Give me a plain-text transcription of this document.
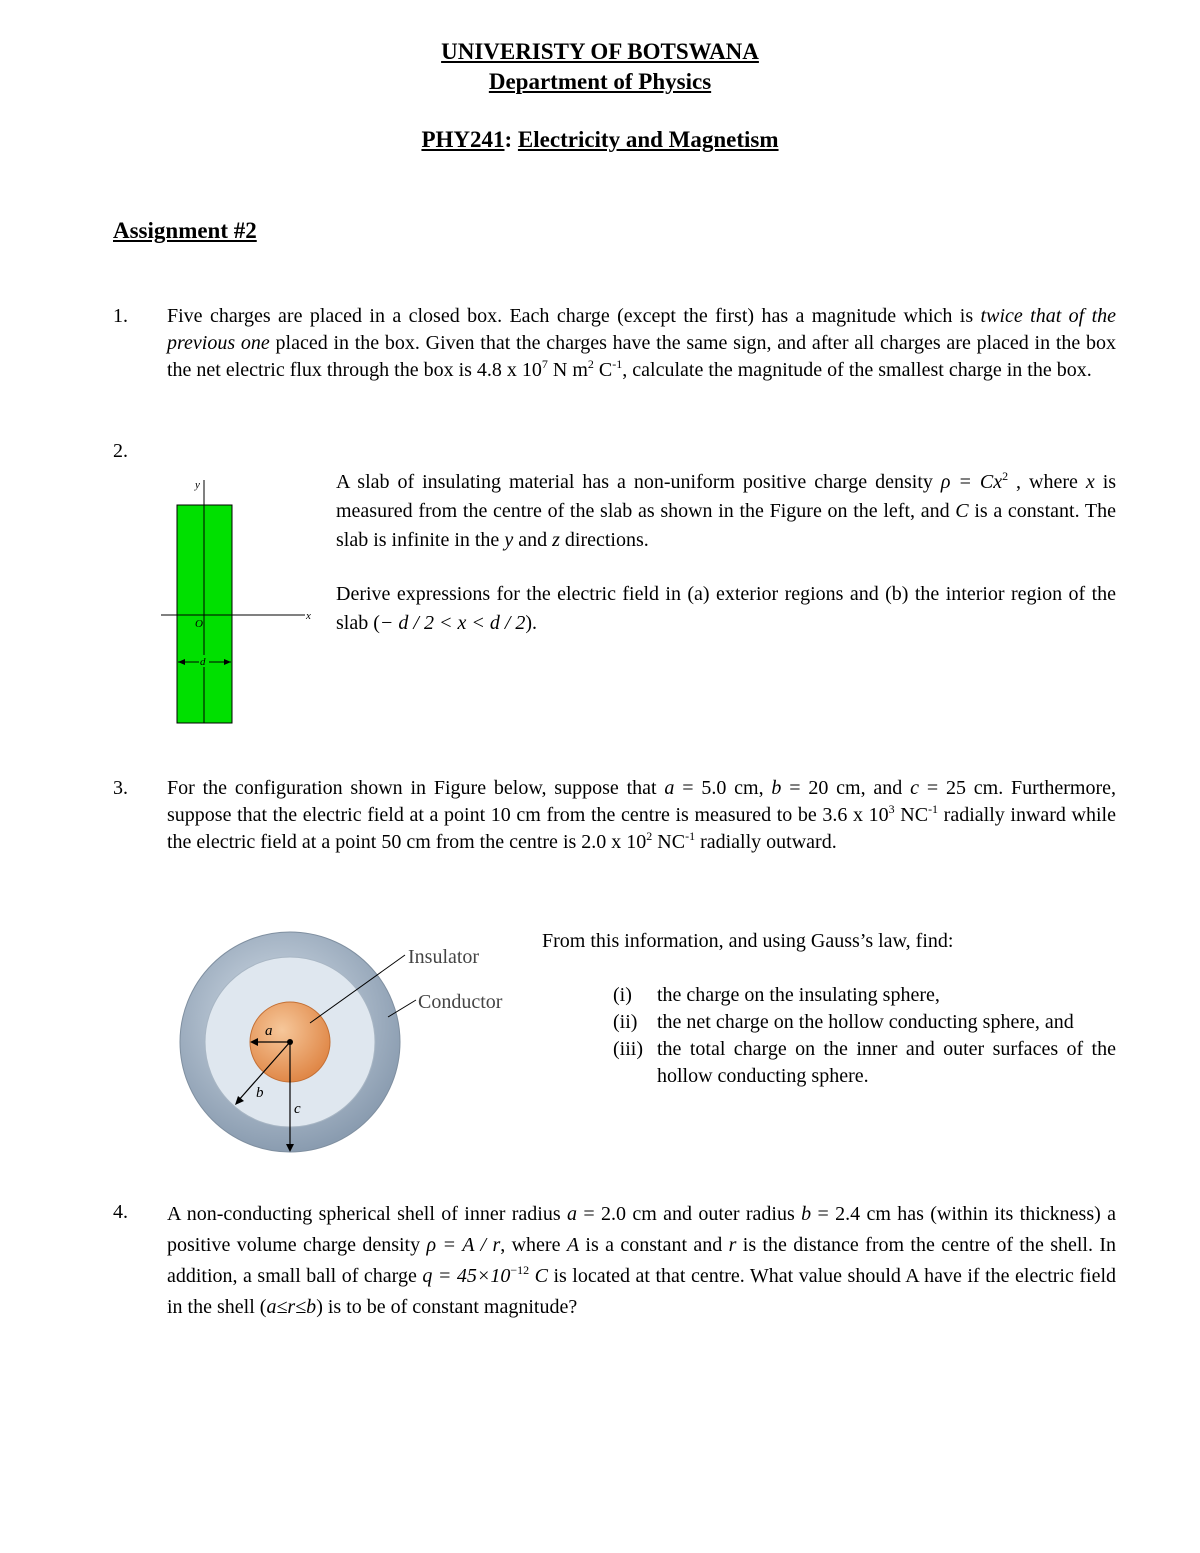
UNIVERISTY OF BOTSWANA
Department of Physics
PHY241: Electricity and Magnetism
Assignment #2
1. Five charges are placed in a closed box. Each charge (except the first) has a magnitude which is twice that of the previous one placed in the box. Given that the charges have the same sign, and after all charges are placed in the box the net electric flux through the box is 4.8 x $10^7$ N $m^2$ $C^{-1}$, calculate the magnitude of the smallest charge in the box.
2.
y
x
O
d
A slab of insulating material has a non-uniform positive charge density $\rho = Cx^2$ , where x is measured from the centre of the slab as shown in the Figure on the left, and C is a constant. The slab is infinite in the y and z directions.
Derive expressions for the electric field in (a) exterior regions and (b) the interior region of the slab (− d / 2 < x < d / 2).
3. For the configuration shown in Figure below, suppose that a = 5.0 cm, b = 20 cm, and c = 25 cm. Furthermore, suppose that the electric field at a point 10 cm from the centre is measured to be 3.6 x $10^3$ $NC^{-1}$ radially inward while the electric field at a point 50 cm from the centre is 2.0 x $10^2$ $NC^{-1}$ radially outward.
a
b
c
Insulator
Conductor
From this information, and using Gauss’s law, find:
(i) the charge on the insulating sphere,
(ii) the net charge on the hollow conducting sphere, and
(iii) the total charge on the inner and outer surfaces of the hollow conducting sphere.
4. A non-conducting spherical shell of inner radius a = 2.0 cm and outer radius b = 2.4 cm has (within its thickness) a positive volume charge density ρ = A / r, where A is a constant and r is the distance from the centre of the shell. In addition, a small ball of charge $q = 45\times 10^{-12}$ C is located at that centre. What value should A have if the electric field in the shell (a≤r≤b) is to be of constant magnitude?
